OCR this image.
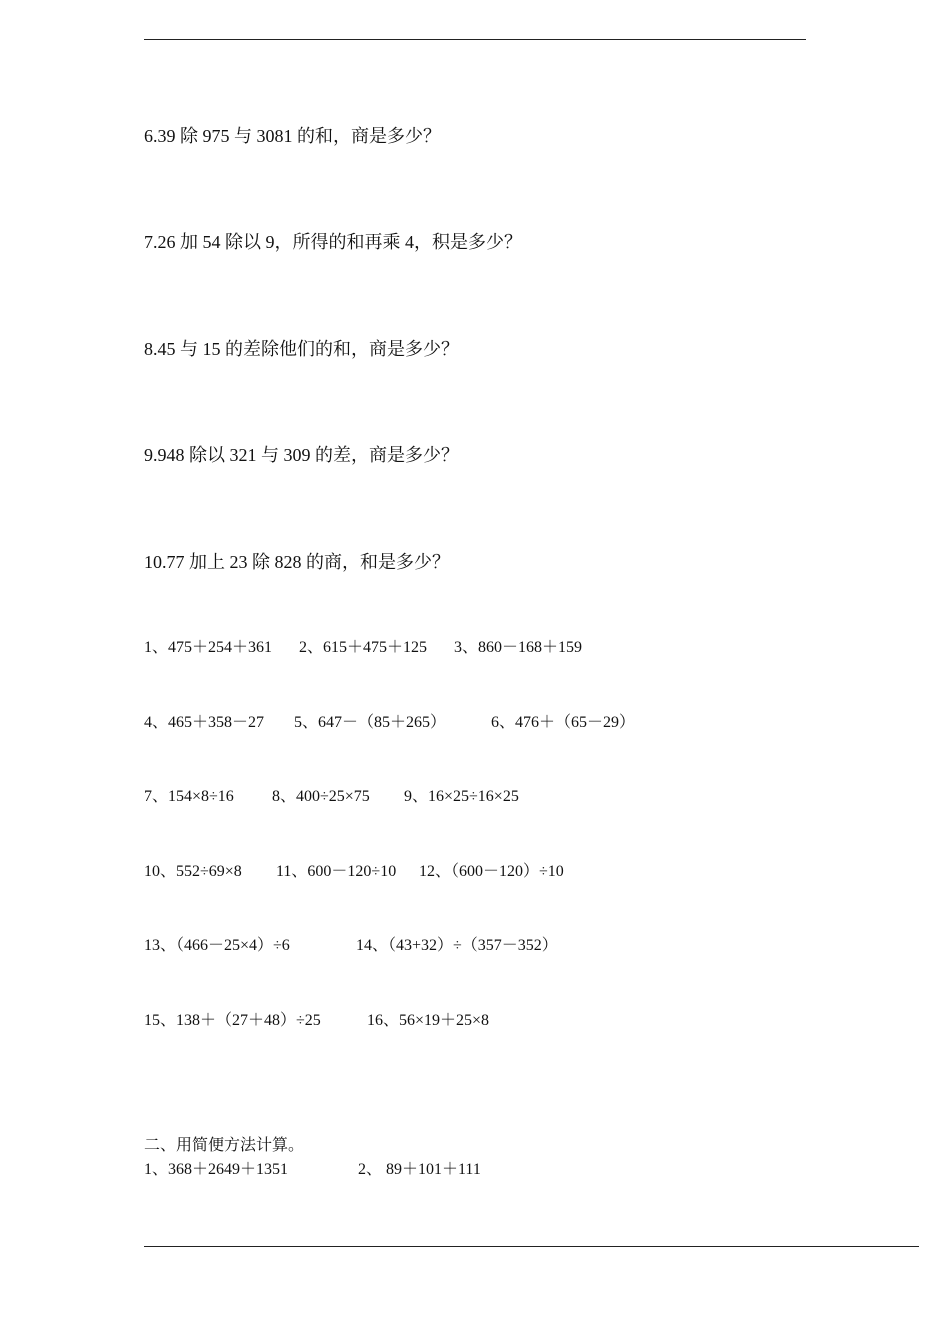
6.39 除 975 与 3081 的和，商是多少？
7.26 加 54 除以 9，所得的和再乘 4，积是多少？
8.45 与 15 的差除他们的和，商是多少？
9.948 除以 321 与 309 的差，商是多少？
10.77 加上 23 除 828 的商，和是多少？
1、475＋254＋361 2、615＋475＋125 3、860－168＋159
4、465＋358－27 5、647－（85＋265）	6、476＋（65－29）
7、154×8÷16 8、400÷25×75 9、16×25÷16×25
10、552÷69×8 11、600－120÷10 12、（600－120）÷10
13、（466－25×4）÷6	14、（43+32）÷（357－352）
15、138＋（27＋48）÷25	16、56×19＋25×8
二、用简便方法计算。
1、368＋2649＋1351	2、 89＋101＋111
